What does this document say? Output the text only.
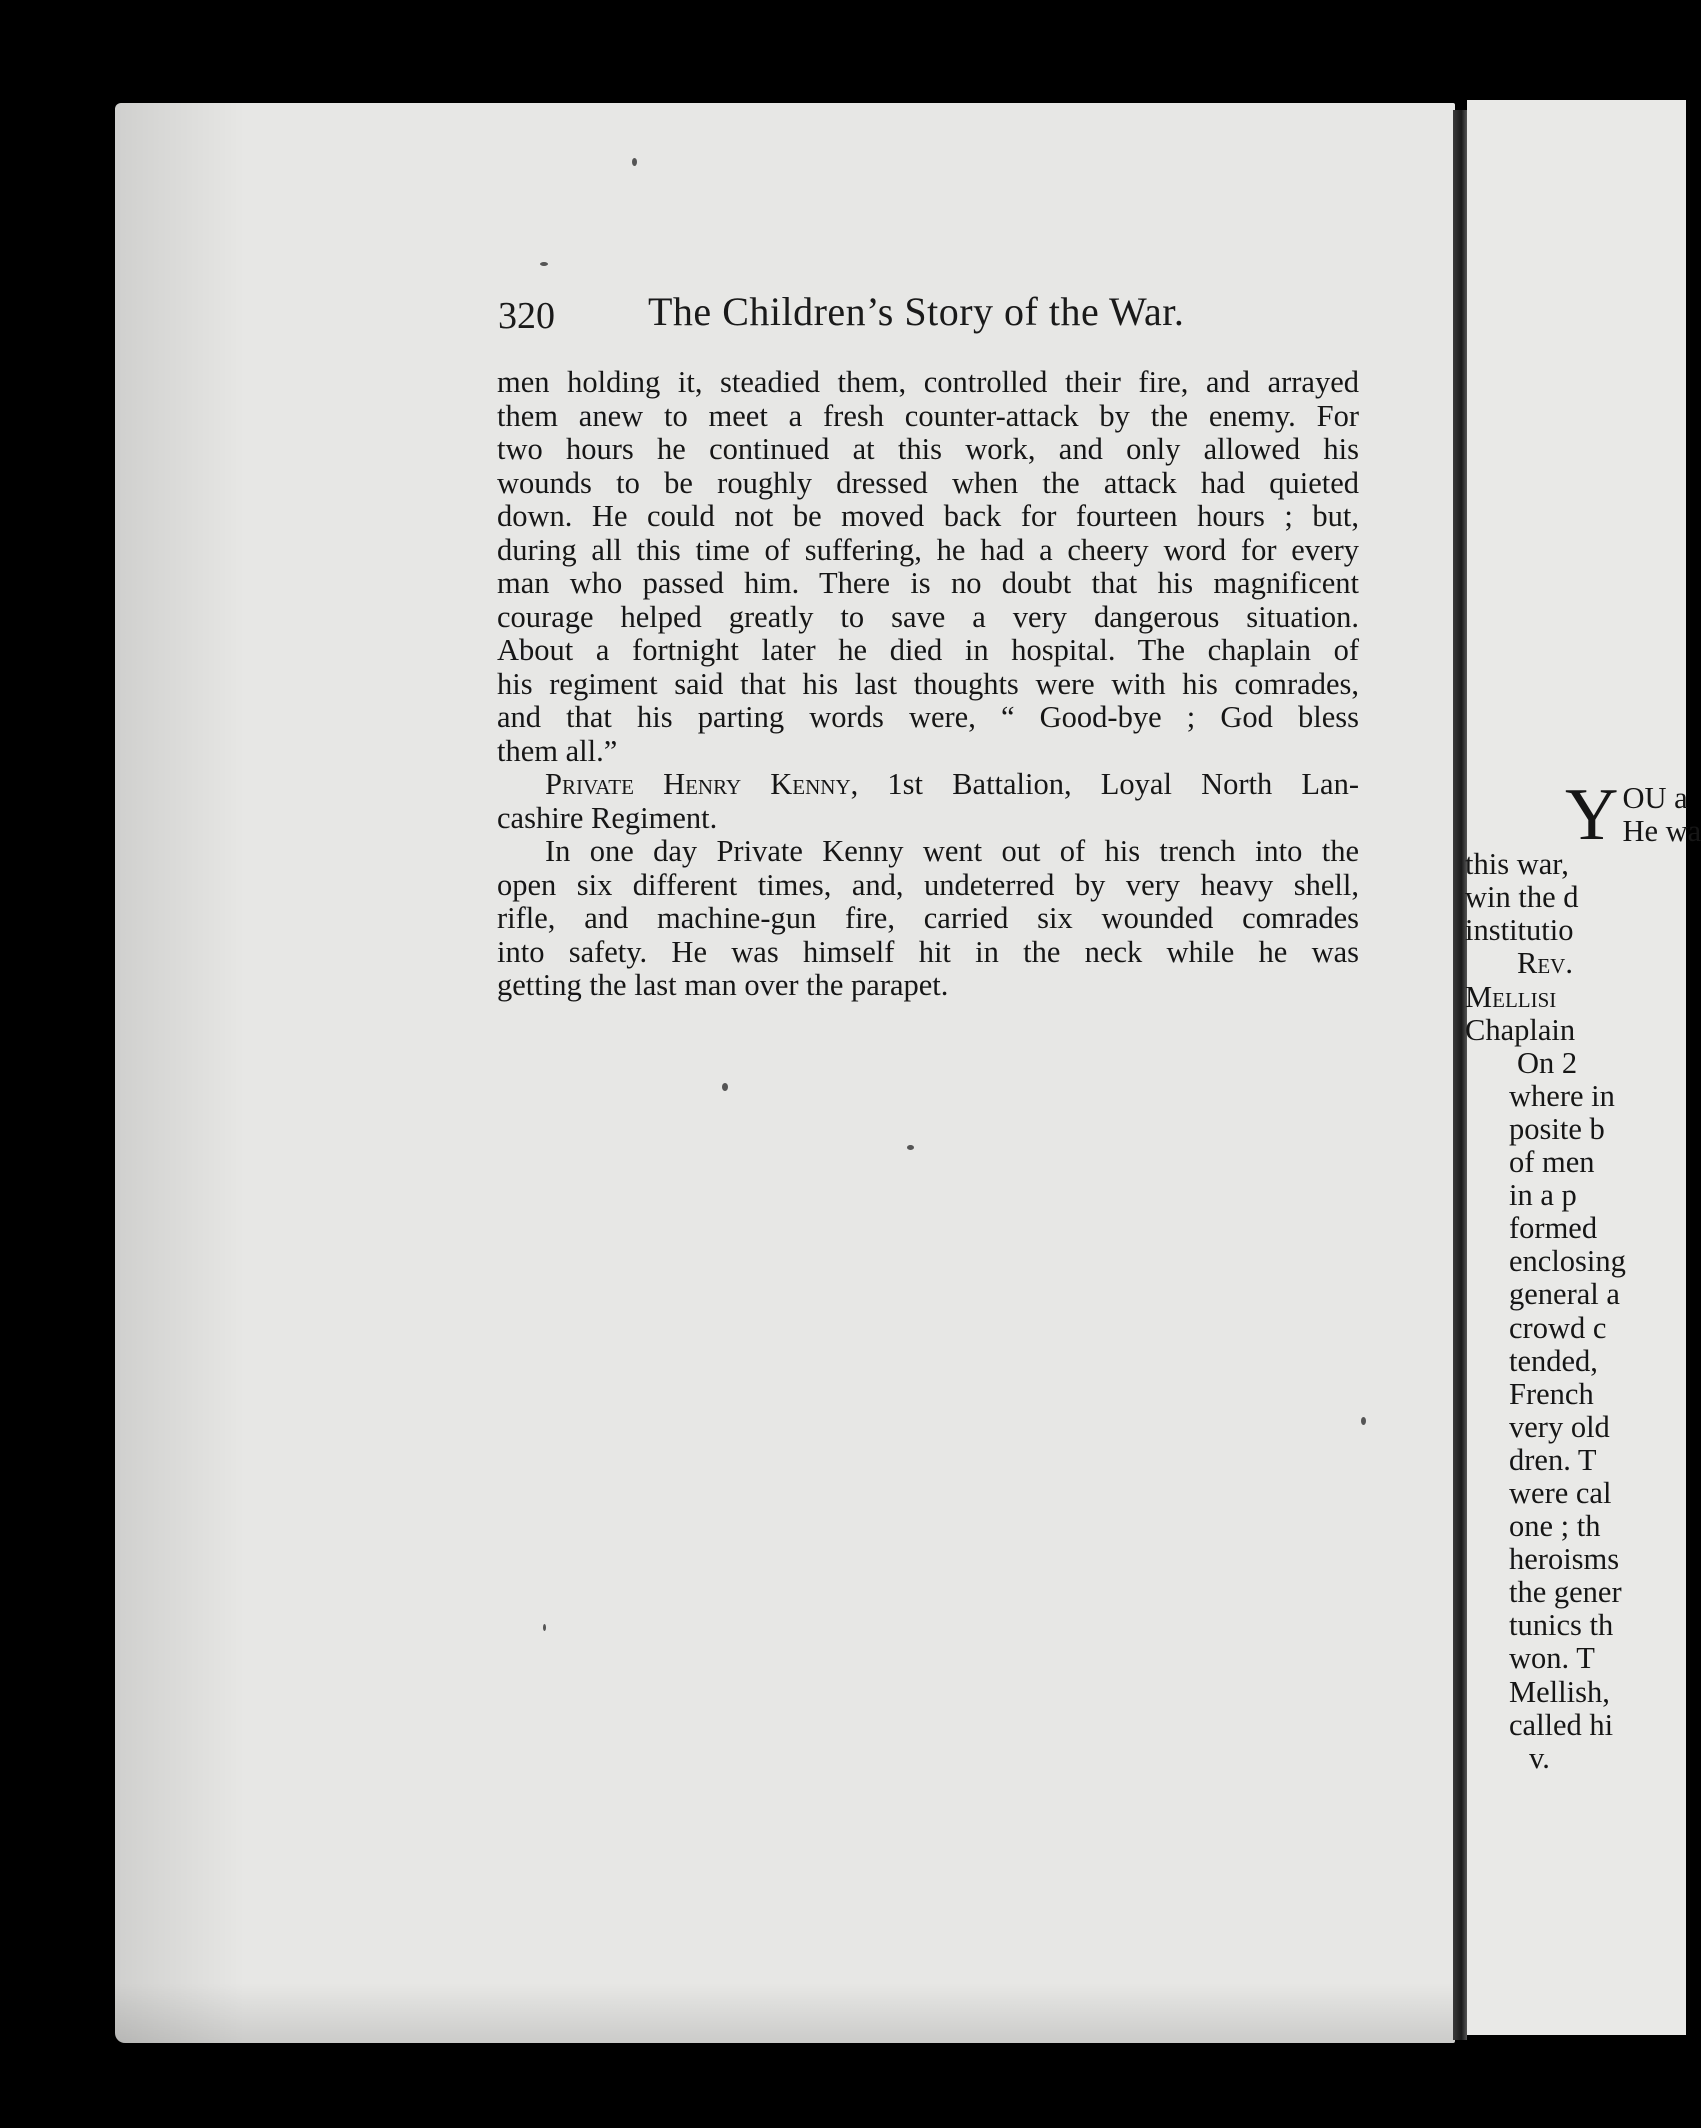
320 The Children’s Story of the War.
men holding it, steadied them, controlled their fire, and arrayed
them anew to meet a fresh counter-attack by the enemy. For
two hours he continued at this work, and only allowed his
wounds to be roughly dressed when the attack had quieted
down. He could not be moved back for fourteen hours ; but,
during all this time of suffering, he had a cheery word for every
man who passed him. There is no doubt that his magnificent
courage helped greatly to save a very dangerous situation.
About a fortnight later he died in hospital. The chaplain of
his regiment said that his last thoughts were with his comrades,
and that his parting words were, “ Good-bye ; God bless
them all.”
Private Henry Kenny, 1st Battalion, Loyal North Lan-
cashire Regiment.
In one day Private Kenny went out of his trench into the
open six different times, and, undeterred by very heavy shell,
rifle, and machine-gun fire, carried six wounded comrades
into safety. He was himself hit in the neck while he was
getting the last man over the parapet.
Y OU a
He wa
this war,
win the d
institutio
Rev.
Mellisi
Chaplain
On 2
where in
posite b
of men
in a p
formed
enclosing
general a
crowd c
tended,
French
very old
dren. T
were cal
one ; th
heroisms
the gener
tunics th
won. T
Mellish,
called hi
v.
